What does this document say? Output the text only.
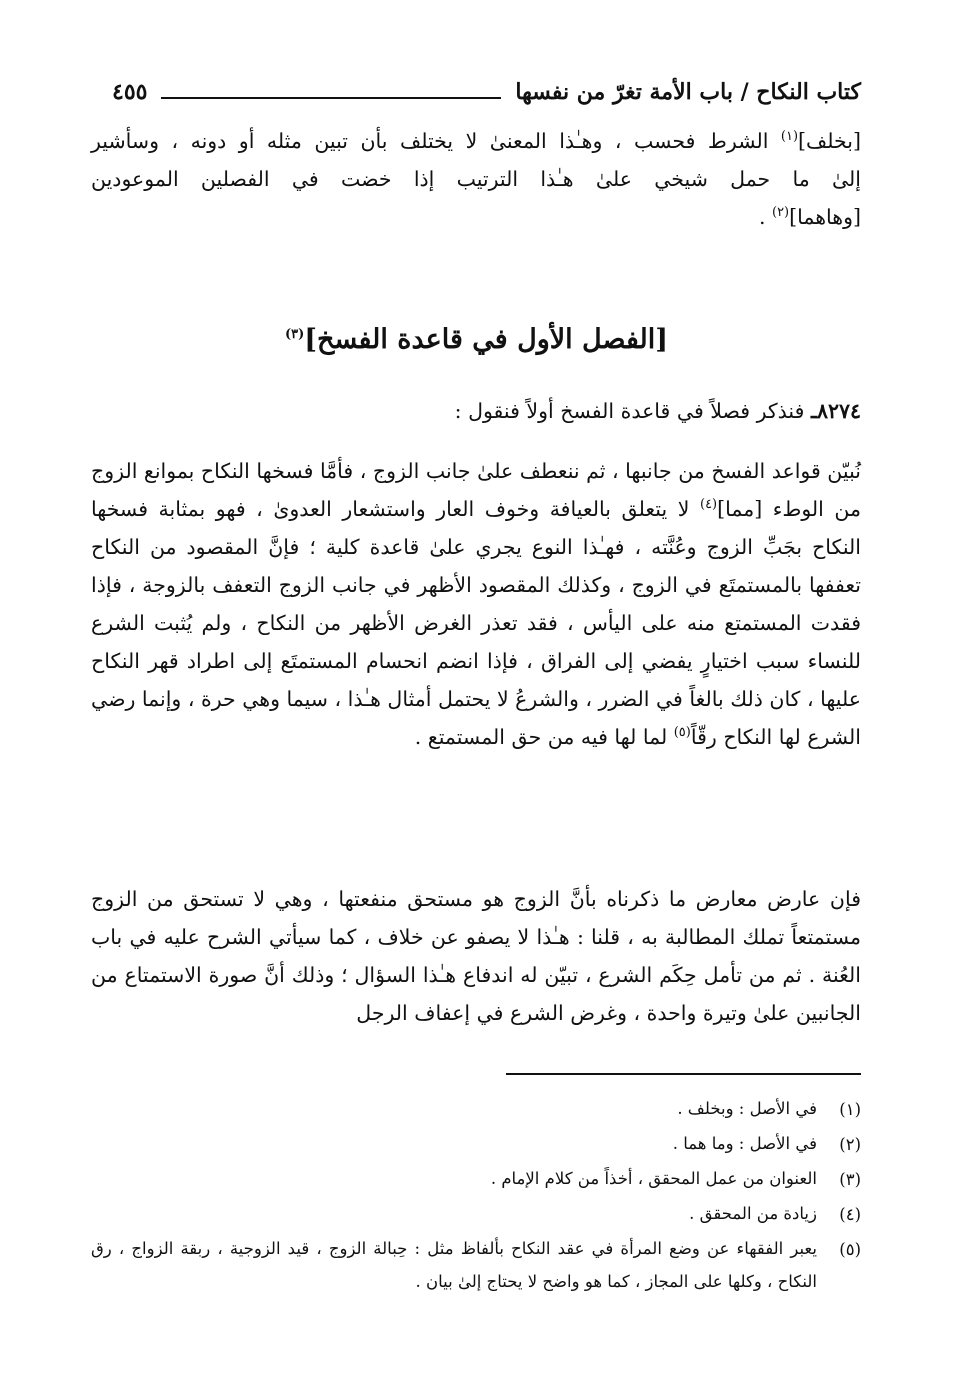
كتاب النكاح / باب الأمة تغرّ من نفسها
٤٥٥
[بخلف]$^{(١)}$ الشرط فحسب ، وهـٰذا المعنىٰ لا يختلف بأن تبين مثله أو دونه ، وسأشير
إلىٰ ما حمل شيخي علىٰ هـٰذا الترتيب إذا خضت في الفصلين الموعودين
[وهاهما]$^{(٢)}$ .
[الفصل الأول في قاعدة الفسخ]$^{(٣)}$

٨٢٧٤ـ فنذكر فصلاً في قاعدة الفسخ أولاً فنقول :

نُبيّن قواعد الفسخ من جانبها ، ثم ننعطف علىٰ جانب الزوج ، فأمَّا فسخها النكاح بموانع الزوج من الوطء [مما]$^{(٤)}$ لا يتعلق بالعيافة وخوف العار واستشعار العدوىٰ ، فهو بمثابة فسخها النكاح بجَبِّ الزوج وعُنَّته ، فهـٰذا النوع يجري علىٰ قاعدة كلية ؛ فإنَّ المقصود من النكاح تعففها بالمستمتَع في الزوج ، وكذلك المقصود الأظهر في جانب الزوج التعفف بالزوجة ، فإذا فقدت المستمتع منه على اليأس ، فقد تعذر الغرض الأظهر من النكاح ، ولم يُثبت الشرع للنساء سبب اختيارٍ يفضي إلى الفراق ، فإذا انضم انحسام المستمتَع إلى اطراد قهر النكاح عليها ، كان ذلك بالغاً في الضرر ، والشرعُ لا يحتمل أمثال هـٰذا ، سيما وهي حرة ، وإنما رضي الشرع لها النكاح رقّاً$^{(٥)}$ لما لها فيه من حق المستمتع .

فإن عارض معارض ما ذكرناه بأنَّ الزوج هو مستحق منفعتها ، وهي لا تستحق من الزوج مستمتعاً تملك المطالبة به ، قلنا : هـٰذا لا يصفو عن خلاف ، كما سيأتي الشرح عليه في باب العُنة . ثم من تأمل حِكَم الشرع ، تبيّن له اندفاع هـٰذا السؤال ؛ وذلك أنَّ صورة الاستمتاع من الجانبين علىٰ وتيرة واحدة ، وغرض الشرع في إعفاف الرجل

(١)
في الأصل : وبخلف .
(٢)
في الأصل : وما هما .
(٣)
العنوان من عمل المحقق ، أخذاً من كلام الإمام .
(٤)
زيادة من المحقق .
(٥)
يعبر الفقهاء عن وضع المرأة في عقد النكاح بألفاظ مثل : حِبالة الزوج ، قيد الزوجية ، ربقة الزواج ، رق النكاح ، وكلها على المجاز ، كما هو واضح لا يحتاج إلىٰ بيان .
